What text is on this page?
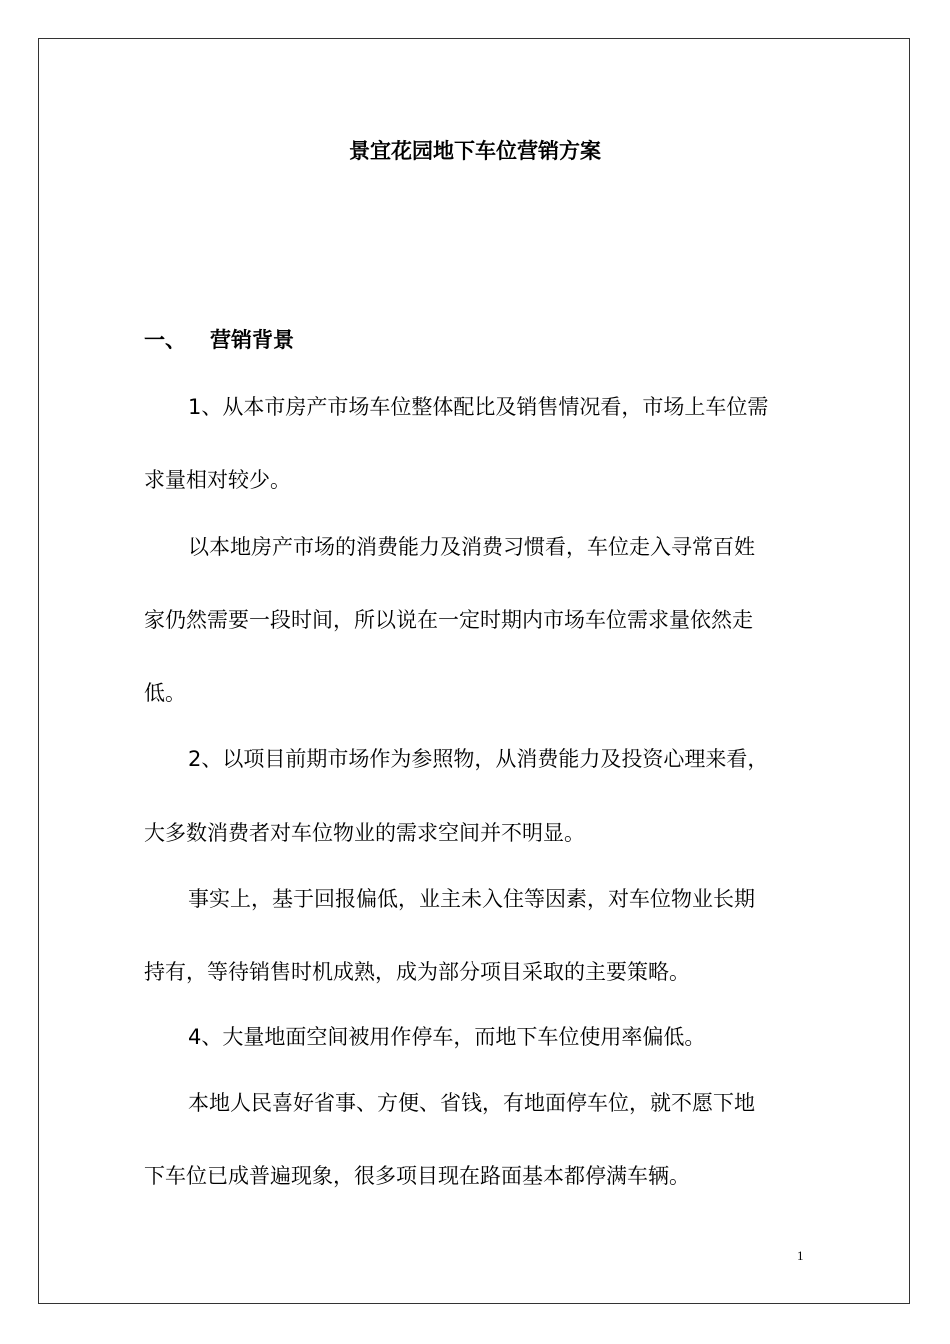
景宜花园地下车位营销方案
一、 营销背景
1、从本市房产市场车位整体配比及销售情况看，市场上车位需
求量相对较少。
以本地房产市场的消费能力及消费习惯看，车位走入寻常百姓
家仍然需要一段时间，所以说在一定时期内市场车位需求量依然走
低。
2、以项目前期市场作为参照物，从消费能力及投资心理来看，
大多数消费者对车位物业的需求空间并不明显。
事实上，基于回报偏低，业主未入住等因素，对车位物业长期
持有，等待销售时机成熟，成为部分项目采取的主要策略。
4、大量地面空间被用作停车，而地下车位使用率偏低。
本地人民喜好省事、方便、省钱，有地面停车位，就不愿下地
下车位已成普遍现象，很多项目现在路面基本都停满车辆。
1
